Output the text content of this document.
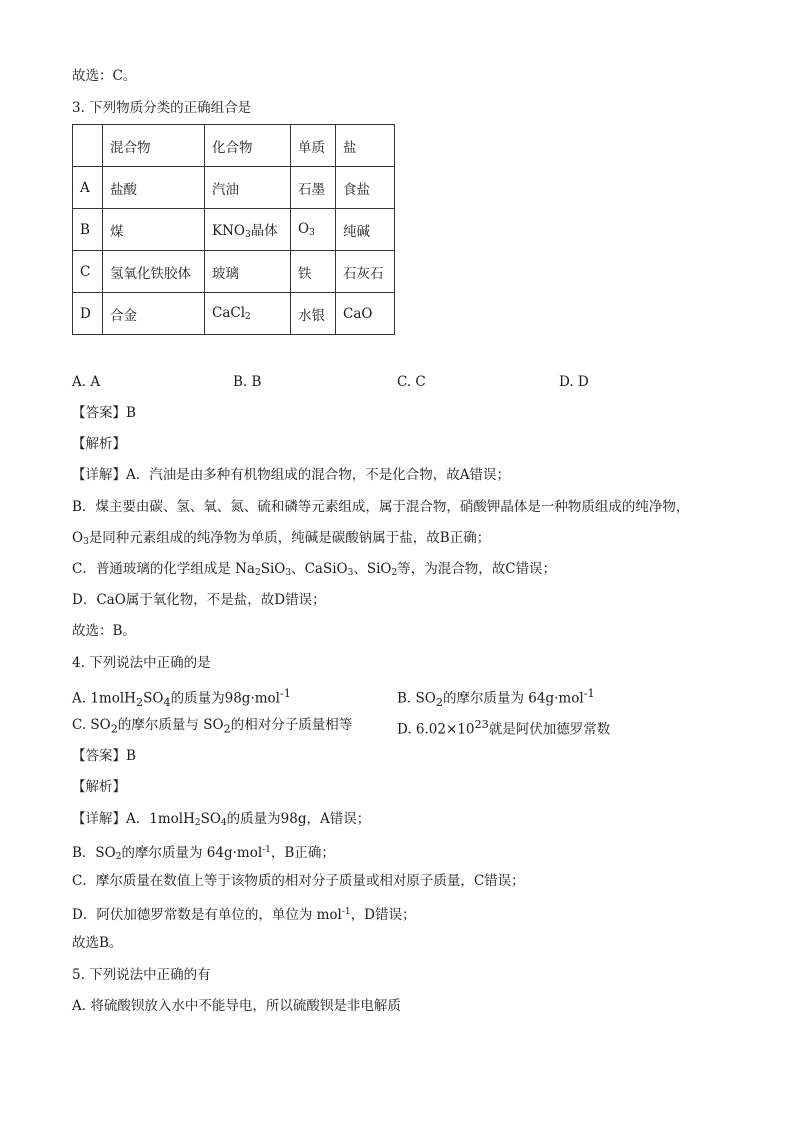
故选：C。
3. 下列物质分类的正确组合是
	混合物	化合物	单质	盐
A	盐酸	汽油	石墨	食盐
B	煤	$KNO_3$晶体	$O_3$	纯碱
C	氢氧化铁胶体	玻璃	铁	石灰石
D	合金	CaCl$_2$	水银	CaO
A. A	B. B	C. C	D. D
【答案】B
【解析】
【详解】A．汽油是由多种有机物组成的混合物，不是化合物，故A错误；
B．煤主要由碳、氢、氧、氮、硫和磷等元素组成，属于混合物，硝酸钾晶体是一种物质组成的纯净物，
$O_3$是同种元素组成的纯净物为单质，纯碱是碳酸钠属于盐，故B正确；
C．普通玻璃的化学组成是 $Na_2SiO_3$、CaSiO$_3$、SiO$_2$等，为混合物，故C错误；
D．CaO属于氧化物，不是盐，故D错误；
故选：B。
4. 下列说法中正确的是
A. $1molH_2SO_4$的质量为98g·mol$^{-1}$	B. $SO_2$的摩尔质量为 64g·mol$^{-1}$
C. $SO_2$的摩尔质量与 $SO_2$的相对分子质量相等	D. $6.02\times 10^{23}$就是阿伏加德罗常数
【答案】B
【解析】
【详解】A．$1molH_2SO_4$的质量为98g，A错误；
B．$SO_2$的摩尔质量为 64g·mol$^{-1}$，B正确；
C．摩尔质量在数值上等于该物质的相对分子质量或相对原子质量，C错误；
D．阿伏加德罗常数是有单位的，单位为 mol$^{-1}$，D错误；
故选B。
5. 下列说法中正确的有
A. 将硫酸钡放入水中不能导电，所以硫酸钡是非电解质
